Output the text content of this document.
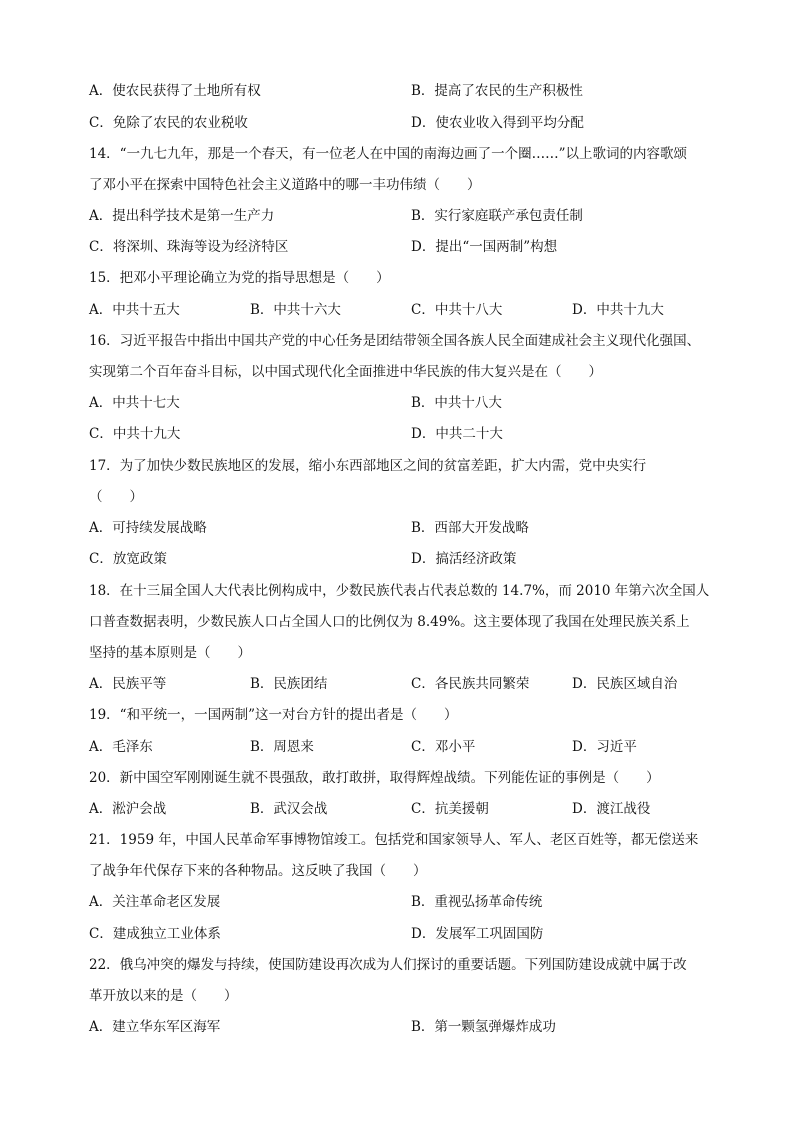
A．使农民获得了土地所有权	B．提高了农民的生产积极性
C．免除了农民的农业税收	D．使农业收入得到平均分配
14．“一九七九年，那是一个春天，有一位老人在中国的南海边画了一个圈……”以上歌词的内容歌颂
了邓小平在探索中国特色社会主义道路中的哪一丰功伟绩（　　）
A．提出科学技术是第一生产力	B．实行家庭联产承包责任制
C．将深圳、珠海等设为经济特区	D．提出“一国两制”构想
15．把邓小平理论确立为党的指导思想是（　　）
A．中共十五大	B．中共十六大	C．中共十八大	D．中共十九大
16．习近平报告中指出中国共产党的中心任务是团结带领全国各族人民全面建成社会主义现代化强国、
实现第二个百年奋斗目标，以中国式现代化全面推进中华民族的伟大复兴是在（　　）
A．中共十七大	B．中共十八大
C．中共十九大	D．中共二十大
17．为了加快少数民族地区的发展，缩小东西部地区之间的贫富差距，扩大内需，党中央实行
（　　）
A．可持续发展战略	B．西部大开发战略
C．放宽政策	D．搞活经济政策
18．在十三届全国人大代表比例构成中，少数民族代表占代表总数的 14.7%，而 2010 年第六次全国人
口普查数据表明，少数民族人口占全国人口的比例仅为 8.49%。这主要体现了我国在处理民族关系上
坚持的基本原则是（　　）
A．民族平等	B．民族团结	C．各民族共同繁荣	D．民族区域自治
19．“和平统一，一国两制”这一对台方针的提出者是（　　）
A．毛泽东	B．周恩来	C．邓小平	D．习近平
20．新中国空军刚刚诞生就不畏强敌，敢打敢拼，取得辉煌战绩。下列能佐证的事例是（　　）
A．淞沪会战	B．武汉会战	C．抗美援朝	D．渡江战役
21．1959 年，中国人民革命军事博物馆竣工。包括党和国家领导人、军人、老区百姓等，都无偿送来
了战争年代保存下来的各种物品。这反映了我国（　　）
A．关注革命老区发展	B．重视弘扬革命传统
C．建成独立工业体系	D．发展军工巩固国防
22．俄乌冲突的爆发与持续，使国防建设再次成为人们探讨的重要话题。下列国防建设成就中属于改
革开放以来的是（　　）
A．建立华东军区海军	B．第一颗氢弹爆炸成功
